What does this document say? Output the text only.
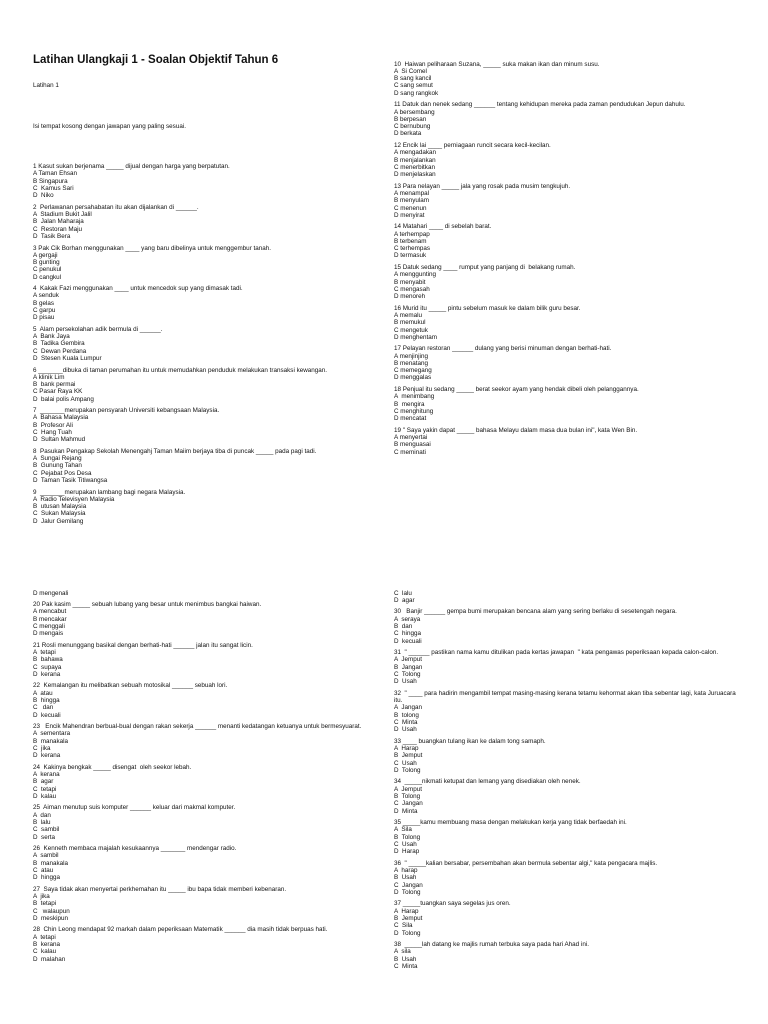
Latihan Ulangkaji 1 - Soalan Objektif Tahun 6

Latihan 1

Isi tempat kosong dengan jawapan yang paling sesuai.

1 Kasut sukan berjenama _____ dijual dengan harga yang berpatutan.
A Taman Ehsan
B Singapura
C  Kamus Sari
D  Niko
2  Perlawanan persahabatan itu akan dijalankan di ______.
A  Stadium Bukit Jalil
B  Jalan Maharaja
C  Restoran Maju
D  Tasik Bera
3 Pak Cik Borhan menggunakan ____ yang baru dibelinya untuk menggembur tanah.
A gergaji
B gunting
C penukul
D cangkul
4  Kakak Fazi menggunakan ____ untuk mencedok sup yang dimasak tadi.
A senduk
B gelas
C garpu
D pisau
5  Alam persekolahan adik bermula di ______.
A  Bank Jaya
B  Tadika Gembira
C  Dewan Perdana
D  Stesen Kuala Lumpur
6 _______dibuka di taman perumahan itu untuk memudahkan penduduk melakukan transaksi kewangan.
A klinik Lim
B  bank permai
C Pasar Raya KK
D  balai polis Ampang
7  _______merupakan pensyarah Universiti kebangsaan Malaysia.
A  Bahasa Malaysia
B  Profesor Ali
C  Hang Tuah
D  Sultan Mahmud
8  Pasukan Pengakap Sekolah Menengahj Taman Maiim berjaya tiba di puncak _____ pada pagi tadi.
A  Sungai Rejang
B  Gunung Tahan
C  Pejabat Pos Desa
D  Taman Tasik Titiwangsa
9  _______merupakan lambang bagi negara Malaysia.
A  Radio Televisyen Malaysia
B  utusan Malaysia
C  Sukan Malaysia
D  Jalur Gemilang

10  Haiwan peliharaan Suzana, _____ suka makan ikan dan minum susu.
A  Si Comel
B sang kancil
C sang semut
D sang rangkok
11 Datuk dan nenek sedang ______ tentang kehidupan mereka pada zaman pendudukan Jepun dahulu.
A bersembang
B berpesan
C bernubung
D berkata
12 Encik lai ____ perniagaan runcit secara kecil-kecilan.
A mengadakan
B menjalankan
C menerbitkan
D menjelaskan
13 Para nelayan _____ jala yang rosak pada musim tengkujuh.
A menampal
B menyulam
C menenun
D menyirat
14 Matahari ____ di sebelah barat.
A terhempap
B terbenam
C terhempas
D termasuk
15 Datuk sedang ____ rumput yang panjang di  belakang rumah.
A menggunting
B menyabit
C mengasah
D menoreh
16 Murid itu _____ pintu sebelum masuk ke dalam bilik guru besar.
A memalu
B memukul
C mengetuk
D menghentam
17 Pelayan restoran ______ dulang yang berisi minuman dengan berhati-hati.
A menjinjing
B menatang
C memegang
D menggalas
18 Penjual itu sedang _____ berat seekor ayam yang hendak dibeli oleh pelanggannya.
A  menimbang
B  mengira
C menghitung
D mencatat
19 " Saya yakin dapat _____ bahasa Melayu dalam masa dua bulan ini", kata Wen Bin.
A menyertai
B menguasai
C meminati

D mengenali
20 Pak kasim _____ sebuah lubang yang besar untuk menimbus bangkai haiwan.
A mencabut
B mencakar
C menggali
D mengais
21 Rosli menunggang basikal dengan berhati-hati ______ jalan itu sangat licin.
A  tetapi
B  bahawa
C  supaya
D  kerana
22  Kemalangan itu melibatkan sebuah motosikal ______ sebuah lori.
A  atau
B  hingga
C   dan
D  kecuali
23   Encik Mahendran berbual-bual dengan rakan sekerja ______ menanti kedatangan ketuanya untuk bermesyuarat.
A  sementara
B  manakala
C  jika
D  kerana
24  Kakinya bengkak _____ disengat  oleh seekor lebah.
A  kerana
B  agar
C  tetapi
D  kalau
25  Aiman menutup suis komputer ______ keluar dari makmal komputer.
A  dan
B  lalu
C  sambil
D  serta
26  Kenneth membaca majalah kesukaannya _______ mendengar radio.
A  sambil
B  manakala
C  atau
D  hingga
27  Saya tidak akan menyertai perkhemahan itu _____ ibu bapa tidak memberi kebenaran.
A  jika
B  tetapi
C   walaupun
D  meskipun
28  Chin Leong mendapat 92 markah dalam peperiksaan Matematik ______ dia masih tidak berpuas hati.
A  tetapi
B  kerana
C  kalau
D  malahan

C  lalu
D  agar
30   Banjir ______ gempa bumi merupakan bencana alam yang sering berlaku di sesetengah negara.
A  seraya
B  dan
C  hingga
D  kecuali
31  " ______ pastikan nama kamu ditulikan pada kertas jawapan  " kata pengawas peperiksaan kepada calon-calon.
A  Jemput
B  Jangan
C  Tolong
D  Usah
32  " ____ para hadirin mengambil tempat masing-masing kerana tetamu kehormat akan tiba sebentar lagi, kata Juruacara itu.
A  Jangan
B  tolong
C  Minta
D  Usah
33 ____ buangkan tulang ikan ke dalam tong samaph.
A  Harap
B  Jemput
C  Usah
D  Tolong
34  _____nikmati ketupat dan lemang yang disediakan oleh nenek.
A  Jemput
B  Tolong
C  Jangan
D  Minta
35 _____kamu membuang masa dengan melakukan kerja yang tidak berfaedah ini.
A  Sila
B  Tolong
C  Usah
D  Harap
36  " _____kalian bersabar, persembahan akan bermula sebentar algi," kata pengacara majlis.
A  harap
B  Usah
C  Jangan
D  Tolong
37 _____tuangkan saya segelas jus oren.
A  Harap
B  Jemput
C  Sila
D  Tolong
38  _____lah datang ke majlis rumah terbuka saya pada hari Ahad ini.
A  sila
B  Usah
C  Minta
